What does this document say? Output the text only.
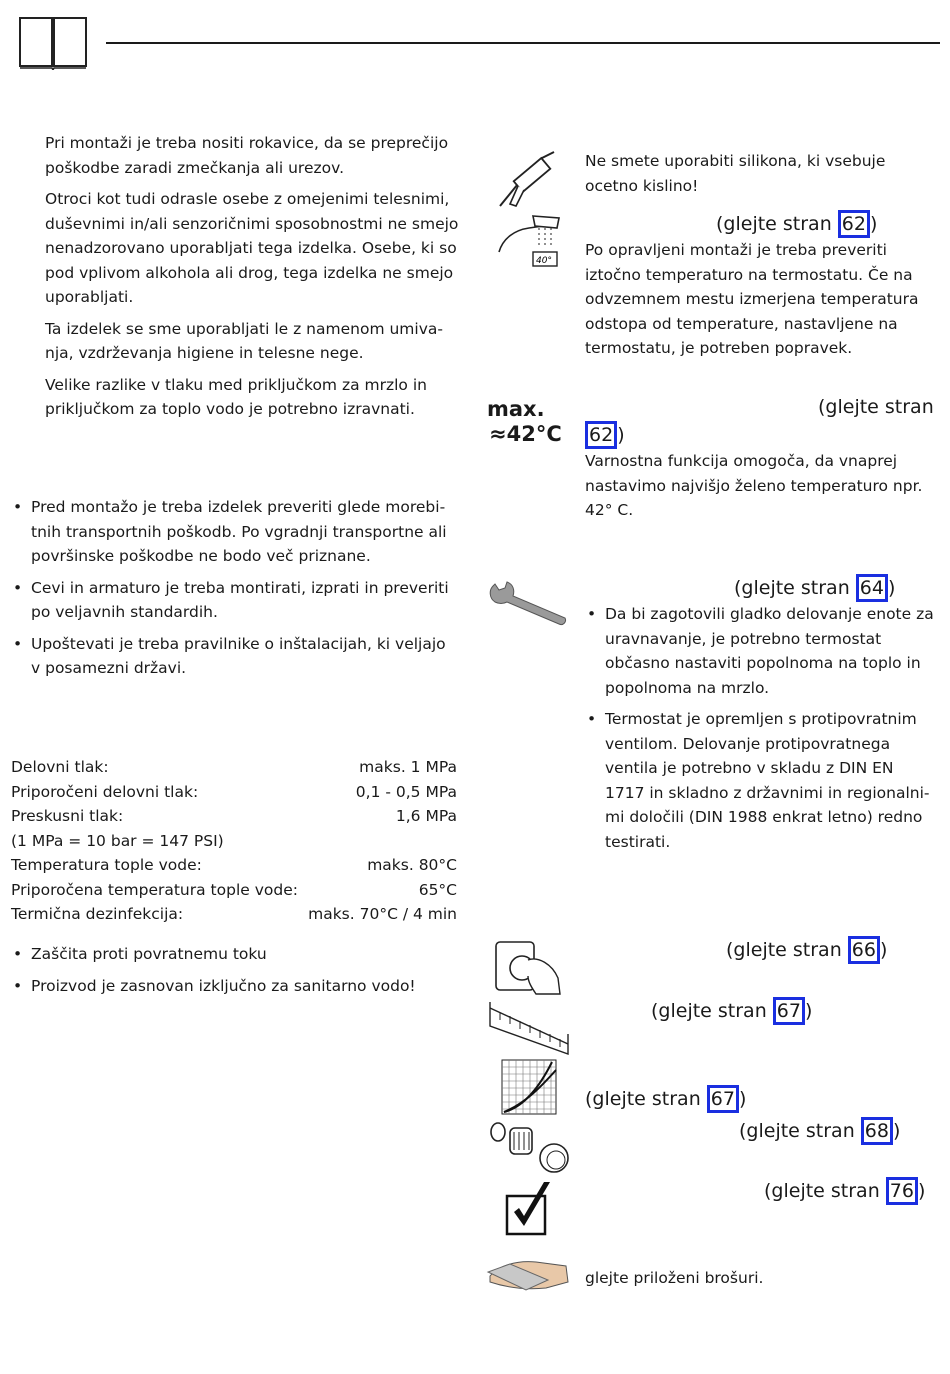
Pri montaži je treba nositi rokavice, da se preprečijo poškodbe zaradi zmečkanja ali urezov.

Otroci kot tudi odrasle osebe z omejenimi telesnimi, duševnimi in/ali senzoričnimi sposobnostmi ne smejo nenadzorovano uporabljati tega izdelka. Osebe, ki so pod vplivom alkohola ali drog, tega izdelka ne smejo uporabljati.

Ta izdelek se sme uporabljati le z namenom umiva-nja, vzdrževanja higiene in telesne nege.

Velike razlike v tlaku med priključkom za mrzlo in priključkom za toplo vodo je potrebno izravnati.

• Pred montažo je treba izdelek preveriti glede morebi-tnih transportnih poškodb. Po vgradnji transportne ali površinske poškodbe ne bodo več priznane.
• Cevi in armaturo je treba montirati, izprati in preveriti po veljavnih standardih.
• Upoštevati je treba pravilnike o inštalacijah, ki veljajo v posamezni državi.
Delovni tlak:	maks. 1 MPa
Priporočeni delovni tlak:	0,1 - 0,5 MPa
Preskusni tlak:	1,6 MPa
(1 MPa = 10 bar = 147 PSI)
Temperatura tople vode:	maks. 80°C
Priporočena temperatura tople vode:	65°C
Termična dezinfekcija:	maks. 70°C / 4 min
• Zaščita proti povratnemu toku
• Proizvod je zasnovan izključno za sanitarno vodo!
Ne smete uporabiti silikona, ki vsebuje ocetno kislino!
40°
(glejte stran 62 )
Po opravljeni montaži je treba preveriti iztočno temperaturo na termostatu. Če na odvzemnem mestu izmerjena temperatura odstopa od temperature, nastavljene na termostatu, je potreben popravek.
max.
≈42°C
(glejte stran
62 )
Varnostna funkcija omogoča, da vnaprej nastavimo najvišjo želeno temperaturo npr. 42° C.
(glejte stran 64 )
• Da bi zagotovili gladko delovanje enote za uravnavanje, je potrebno termostat občasno nastaviti popolnoma na toplo in popolnoma na mrzlo.
• Termostat je opremljen s protipovratnim ventilom. Delovanje protipovratnega ventila je potrebno v skladu z DIN EN 1717 in skladno z državnimi in regionalni-mi določili (DIN 1988 enkrat letno) redno testirati.
(glejte stran 66 )
(glejte stran 67 )
(glejte stran 67 )
(glejte stran 68 )
(glejte stran 76 )
glejte priloženi brošuri.
